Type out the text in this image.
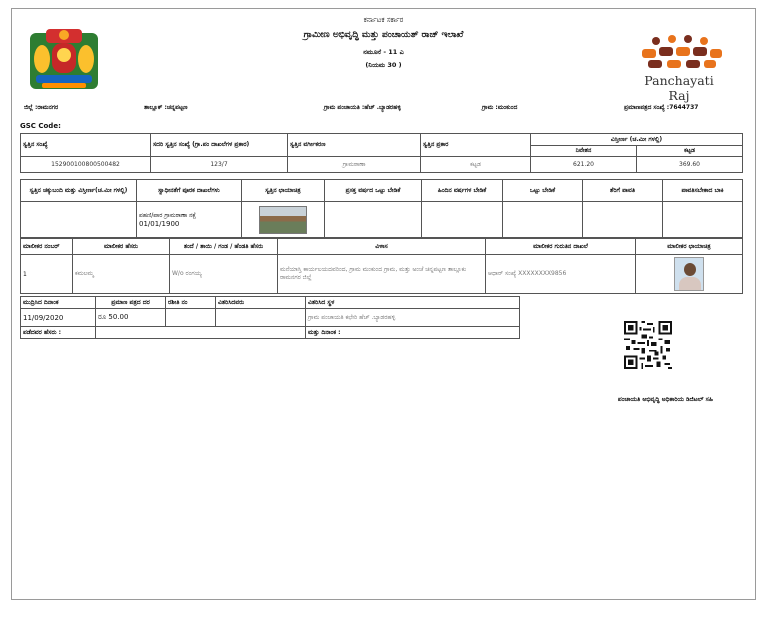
ಕರ್ನಾಟಕ ಸರ್ಕಾರ
ಗ್ರಾಮೀಣ ಅಭಿವೃದ್ಧಿ ಮತ್ತು ಪಂಚಾಯತ್ ರಾಜ್ ಇಲಾಖೆ
ನಮೂನೆ - 11 ಎ
(ನಿಯಮ 30 )
Panchayati Raj
ಜಿಲ್ಲೆ :ರಾಮನಗರ	ತಾಲ್ಲೂಕ್ :ಚನ್ನಪಟ್ಟಣ	ಗ್ರಾಮ ಪಂಚಾಯತಿ :ಹೆಚ್ .ಬ್ಯಾಡರಹಳ್ಳಿ	ಗ್ರಾಮ :ಮಂಕುಂದ	ಪ್ರಮಾಣಪತ್ರದ ಸಂಖ್ಯೆ :7644737
GSC Code:
ಸ್ವತ್ತಿನ ಸಂಖ್ಯೆ	ಸದರಿ ಸ್ವತ್ತಿನ ಸಂಖ್ಯೆ (ಗ್ರಾ.ಪಂ ದಾಖಲೆಗಳ ಪ್ರಕಾರ)	ಸ್ವತ್ತಿನ ವರ್ಗೀಕರಣ	ಸ್ವತ್ತಿನ ಪ್ರಕಾರ	ವಿಸ್ತೀರ್ಣ (ಚ.ಮೀ ಗಳಲ್ಲಿ)	
				ನಿವೇಶನ	ಕಟ್ಟಡ
152900100800500482	123/7	ಗ್ರಾಮಠಾಣಾ	ಕಟ್ಟಡ	621.20	369.60
ಸ್ವತ್ತಿನ ಚಕ್ಕುಬಂದಿ ಮತ್ತು ವಿಸ್ತೀರ್ಣ(ಚ.ಮೀ ಗಳಲ್ಲಿ)	ಸ್ವಾಧೀನತೆಗೆ ಪೂರಕ ದಾಖಲೆಗಳು	ಸ್ವತ್ತಿನ ಛಾಯಾಚಿತ್ರ	ಪ್ರಸಕ್ತ ವರ್ಷದ ಒಟ್ಟು ಬೇಡಿಕೆ	ಹಿಂದಿನ ವರ್ಷಗಳ ಬೇಡಿಕೆ	ಒಟ್ಟು ಬೇಡಿಕೆ	ತೆರಿಗೆ ಪಾವತಿ	ಪಾವತಿಸಬೇಕಾದ ಬಾಕಿ

	ಪಹಣಿ/ಪಾರ ಗ್ರಾಮಠಾಣಾ ನಕ್ಷೆ
01/01/1900						

ಮಾಲೀಕರ ನಂಬರ್	ಮಾಲೀಕರ ಹೆಸರು	ತಂದೆ / ತಾಯಿ / ಗಂಡ / ಹೆಂಡತಿ ಹೆಸರು	ವಿಳಾಸ	ಮಾಲೀಕರ ಗುರುತಿನ ದಾಖಲೆ	ಮಾಲೀಕರ ಛಾಯಾಚಿತ್ರ
1	ಕಮಲಮ್ಮ	W/o ರಂಗಯ್ಯ	ಮನೆಯಾಸ್ತಿ ಕಾರ್ಯಲಯದವರಿಂದ, ಗ್ರಾಮ ಮಂಕುಂದ ಗ್ರಾಮ, ಮತ್ತು ಅಂಚೆ ಚನ್ನಪಟ್ಟಣ ತಾಲ್ಲೂಕು ರಾಮನಗರ ಜಿಲ್ಲೆ	ಆಧಾರ್ ಸಂಖ್ಯೆ XXXXXXXX9856	
ಮುದ್ರಿಸಿದ ದಿನಾಂಕ	ಪ್ರಮಾಣ ಪತ್ರದ ದರ	ರಶೀತಿ ನಂ	ವಿತರಿಸಿದವರು	ವಿತರಿಸಿದ ಸ್ಥಳ
11/09/2020	ರೂ 50.00			ಗ್ರಾಮ ಪಂಚಾಯತಿ ಕಛೇರಿ ಹೆಚ್ .ಬ್ಯಾಡರಹಳ್ಳಿ
ಪಡೆದವರ ಹೆಸರು :				ಮತ್ತು ದಿನಾಂಕ :
ಪಂಚಾಯತಿ ಅಭಿವೃದ್ಧಿ ಅಧಿಕಾರಿಯ ಡಿಜಿಟಲ್ ಸಹಿ
